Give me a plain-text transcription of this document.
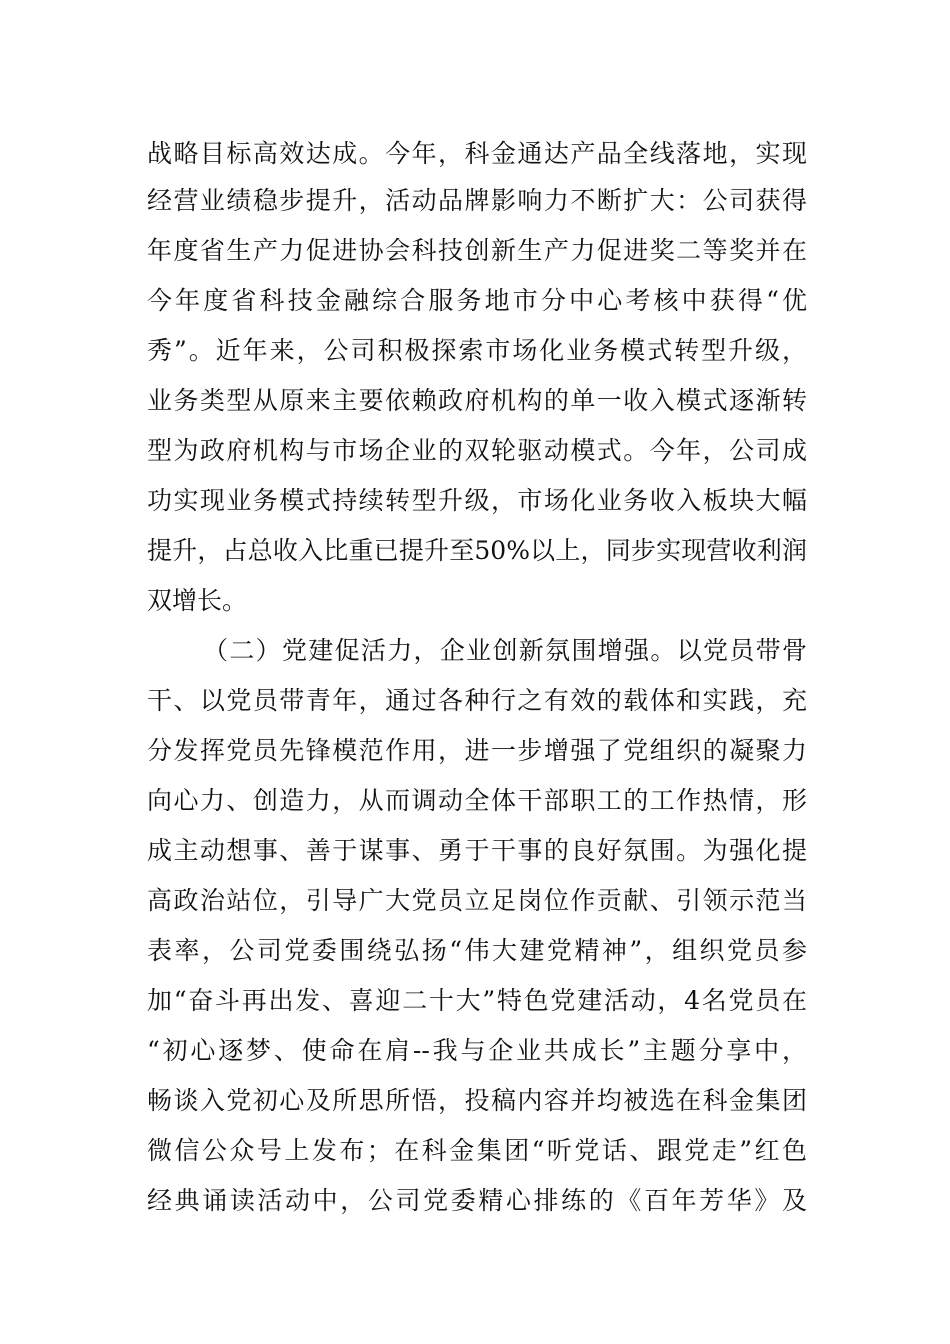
战略目标高效达成。今年，科金通达产品全线落地，实现
经营业绩稳步提升，活动品牌影响力不断扩大：公司获得
年度省生产力促进协会科技创新生产力促进奖二等奖并在
今年度省科技金融综合服务地市分中心考核中获得“优
秀”。近年来，公司积极探索市场化业务模式转型升级，
业务类型从原来主要依赖政府机构的单一收入模式逐渐转
型为政府机构与市场企业的双轮驱动模式。今年，公司成
功实现业务模式持续转型升级，市场化业务收入板块大幅
提升，占总收入比重已提升至50%以上，同步实现营收利润
双增长。
（二）党建促活力，企业创新氛围增强。以党员带骨
干、以党员带青年，通过各种行之有效的载体和实践，充
分发挥党员先锋模范作用，进一步增强了党组织的凝聚力
向心力、创造力，从而调动全体干部职工的工作热情，形
成主动想事、善于谋事、勇于干事的良好氛围。为强化提
高政治站位，引导广大党员立足岗位作贡献、引领示范当
表率，公司党委围绕弘扬“伟大建党精神”，组织党员参
加“奋斗再出发、喜迎二十大”特色党建活动，4名党员在
“初心逐梦、使命在肩--我与企业共成长”主题分享中，
畅谈入党初心及所思所悟，投稿内容并均被选在科金集团
微信公众号上发布；在科金集团“听党话、跟党走”红色
经典诵读活动中，公司党委精心排练的《百年芳华》及
